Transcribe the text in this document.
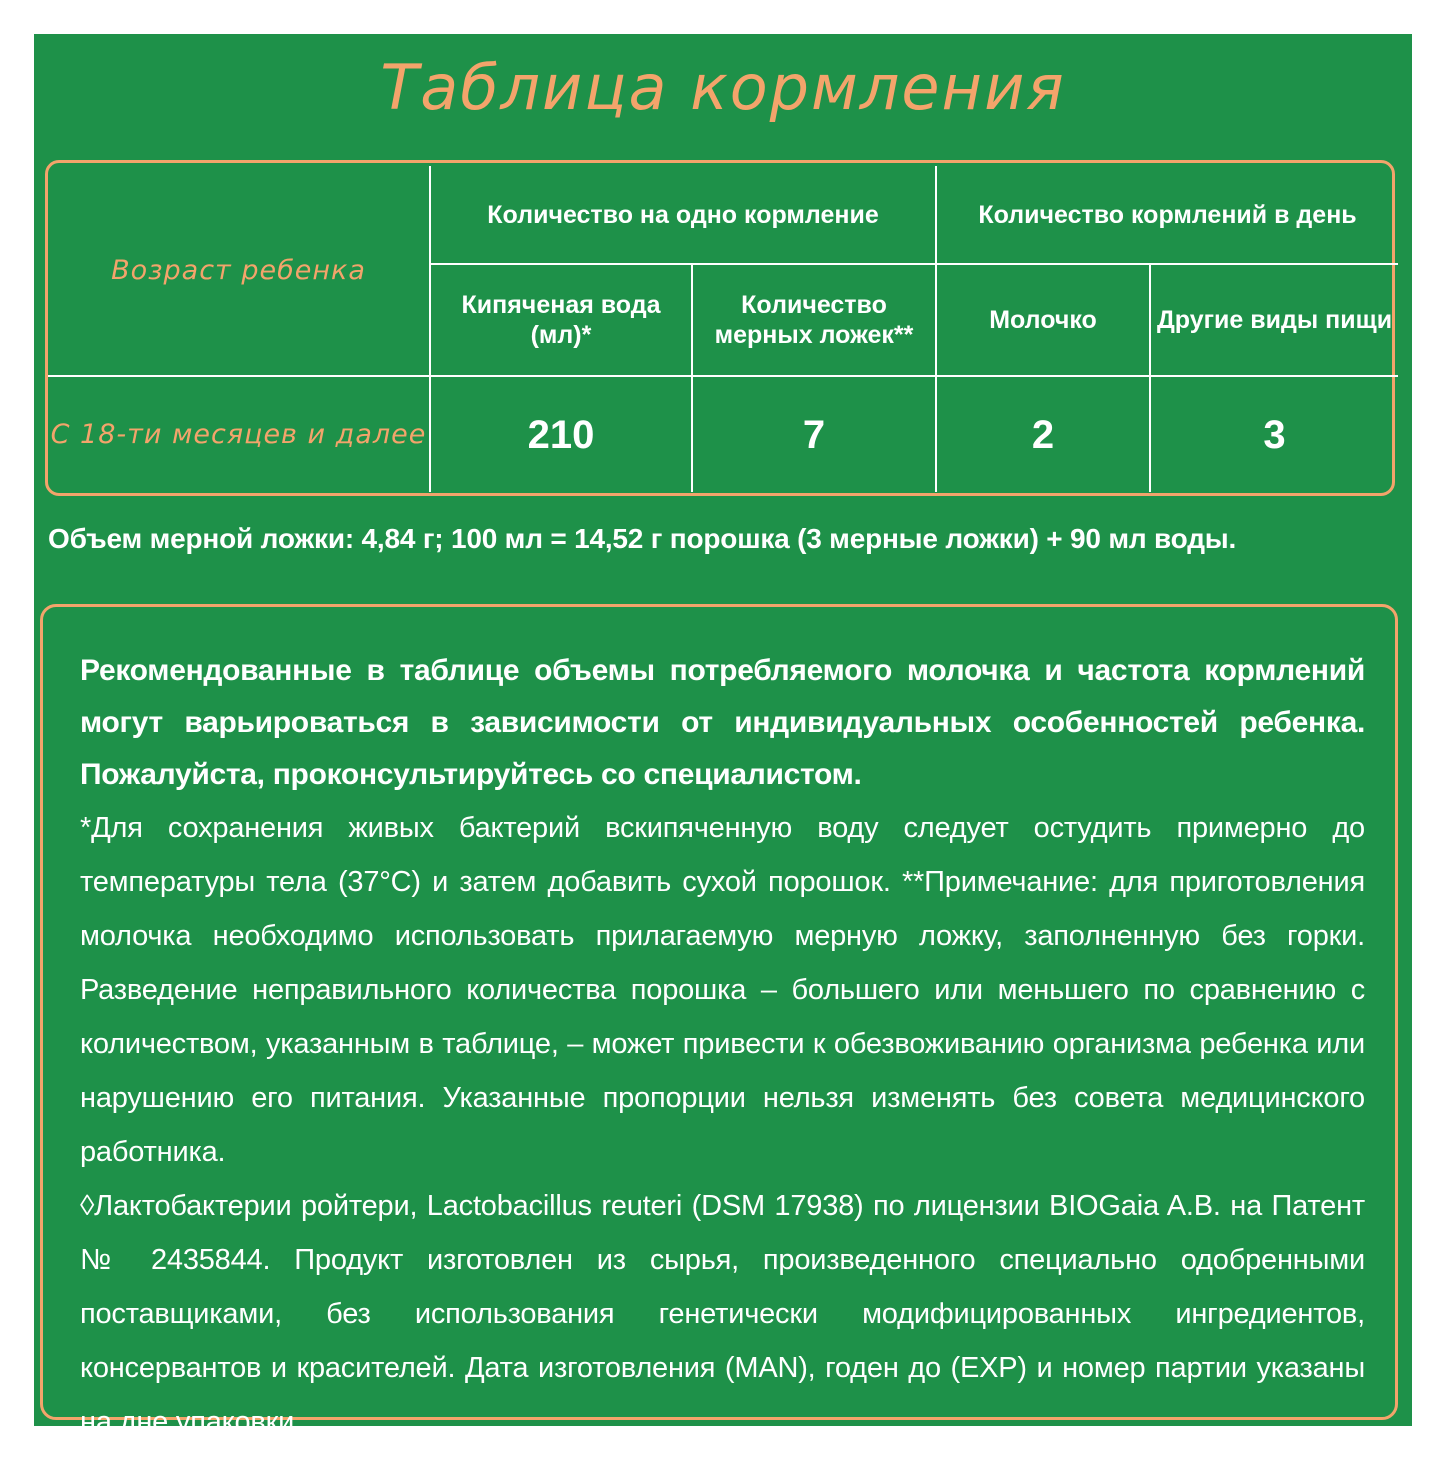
Таблица кормления
Возраст ребенка	Количество на одно кормление		Количество кормлений в день	
	Кипяченая вода (мл)*	Количество мерных ложек**	Молочко	Другие виды пищи
С 18-ти месяцев и далее	210	7	2	3
Объем мерной ложки: 4,84 г; 100 мл = 14,52 г порошка (3 мерные ложки) + 90 мл воды.

Рекомендованные в таблице объемы потребляемого молочка и частота кормлений могут варьироваться в зависимости от индивидуальных особенностей ребенка. Пожалуйста, проконсультируйтесь со специалистом.

*Для сохранения живых бактерий вскипяченную воду следует остудить примерно до температуры тела (37°C) и затем добавить сухой порошок. **Примечание: для приготовления молочка необходимо использовать прилагаемую мерную ложку, заполненную без горки. Разведение неправильного количества порошка – большего или меньшего по сравнению с количеством, указанным в таблице, – может привести к обезвоживанию организма ребенка или нарушению его питания. Указанные пропорции нельзя изменять без совета медицинского работника.

◊Лактобактерии ройтери, Lactobacillus reuteri (DSM 17938) по лицензии BIOGaia A.B. на Патент № 2435844. Продукт изготовлен из сырья, произведенного специально одобренными поставщиками, без использования генетически модифицированных ингредиентов, консервантов и красителей. Дата изготовления (MAN), годен до (EXP) и номер партии указаны на дне упаковки.
